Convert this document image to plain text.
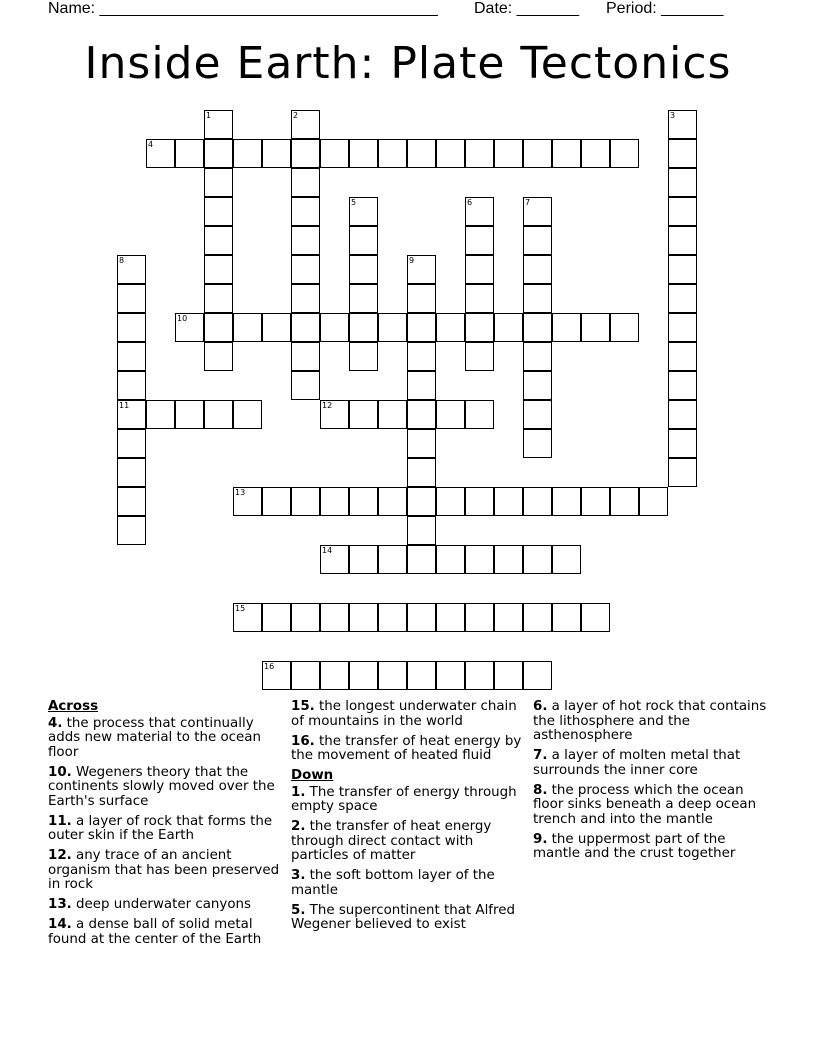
Name: ______________________________________ Date: _______ Period: _______
Inside Earth: Plate Tectonics
1	2	3
4
5	6	7
8	9
10
11	12
13
14
15
16
Across
4. the process that continually adds new material to the ocean floor
10. Wegeners theory that the continents slowly moved over the Earth's surface
11. a layer of rock that forms the outer skin if the Earth
12. any trace of an ancient organism that has been preserved in rock
13. deep underwater canyons
14. a dense ball of solid metal found at the center of the Earth
15. the longest underwater chain of mountains in the world
16. the transfer of heat energy by the movement of heated fluid
Down
1. The transfer of energy through empty space
2. the transfer of heat energy through direct contact with particles of matter
3. the soft bottom layer of the mantle
5. The supercontinent that Alfred Wegener believed to exist
6. a layer of hot rock that contains the lithosphere and the asthenosphere
7. a layer of molten metal that surrounds the inner core
8. the process which the ocean floor sinks beneath a deep ocean trench and into the mantle
9. the uppermost part of the mantle and the crust together
